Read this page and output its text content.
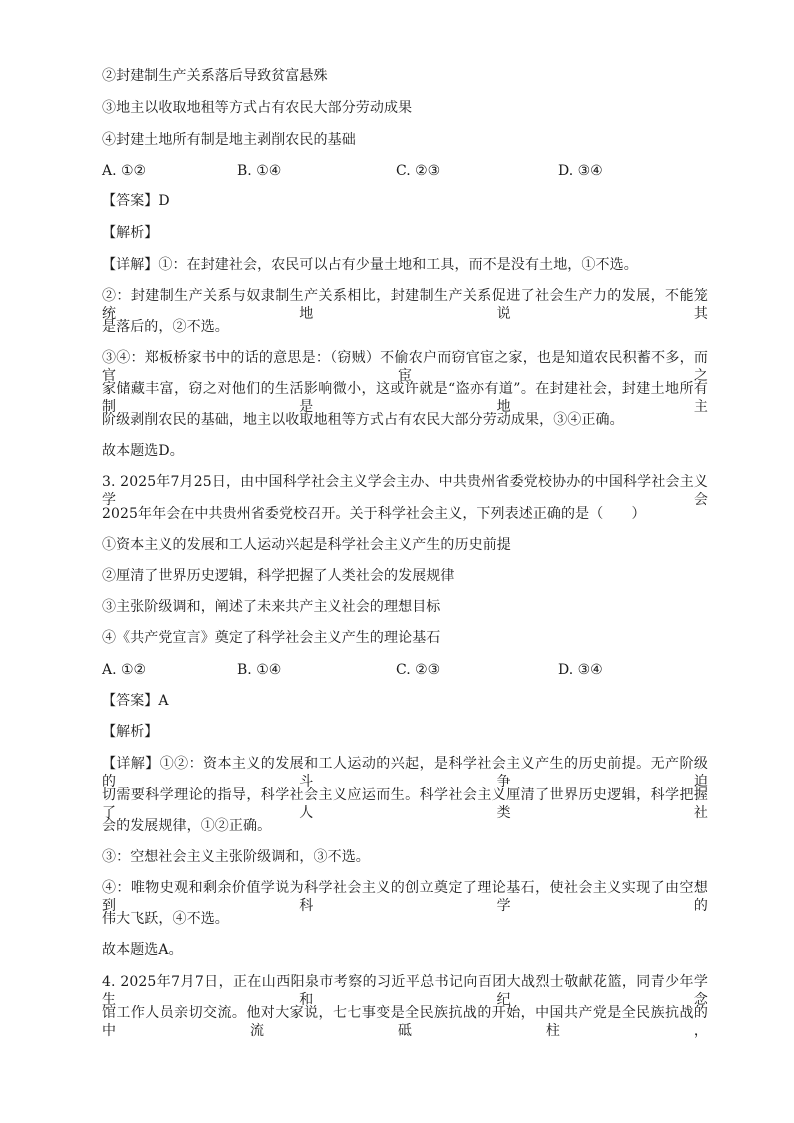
②封建制生产关系落后导致贫富悬殊
③地主以收取地租等方式占有农民大部分劳动成果
④封建土地所有制是地主剥削农民的基础
A. ①②	B. ①④	C. ②③	D. ③④
【答案】D
【解析】
【详解】①：在封建社会，农民可以占有少量土地和工具，而不是没有土地，①不选。
②：封建制生产关系与奴隶制生产关系相比，封建制生产关系促进了社会生产力的发展，不能笼统地说其
是落后的，②不选。
③④：郑板桥家书中的话的意思是：（窃贼）不偷农户而窃官宦之家，也是知道农民积蓄不多，而官宦之
家储藏丰富，窃之对他们的生活影响微小，这或许就是“盗亦有道”。在封建社会，封建土地所有制是地主
阶级剥削农民的基础，地主以收取地租等方式占有农民大部分劳动成果，③④正确。
故本题选D。
3. 2025年7月25日，由中国科学社会主义学会主办、中共贵州省委党校协办的中国科学社会主义学会
2025年年会在中共贵州省委党校召开。关于科学社会主义，下列表述正确的是（　　）
①资本主义的发展和工人运动兴起是科学社会主义产生的历史前提
②厘清了世界历史逻辑，科学把握了人类社会的发展规律
③主张阶级调和，阐述了未来共产主义社会的理想目标
④《共产党宣言》奠定了科学社会主义产生的理论基石
A. ①②	B. ①④	C. ②③	D. ③④
【答案】A
【解析】
【详解】①②：资本主义的发展和工人运动的兴起，是科学社会主义产生的历史前提。无产阶级的斗争迫
切需要科学理论的指导，科学社会主义应运而生。科学社会主义厘清了世界历史逻辑，科学把握了人类社
会的发展规律，①②正确。
③：空想社会主义主张阶级调和，③不选。
④：唯物史观和剩余价值学说为科学社会主义的创立奠定了理论基石，使社会主义实现了由空想到科学的
伟大飞跃，④不选。
故本题选A。
4. 2025年7月7日，正在山西阳泉市考察的习近平总书记向百团大战烈士敬献花篮，同青少年学生和纪念
馆工作人员亲切交流。他对大家说，七七事变是全民族抗战的开始，中国共产党是全民族抗战的中流砥柱，
